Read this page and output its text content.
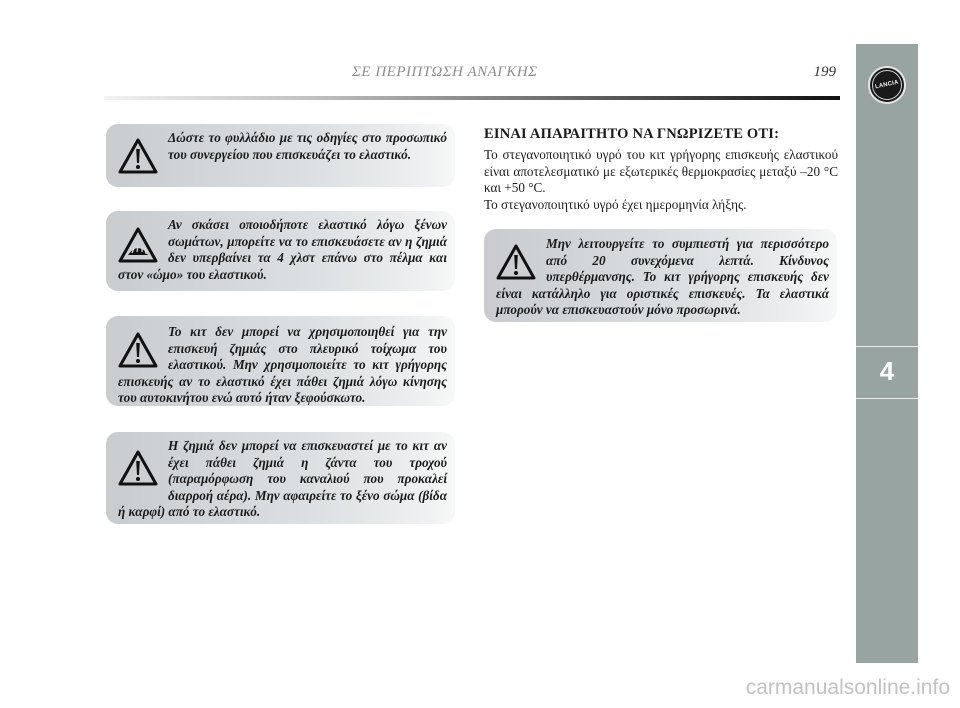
ΣΕ ΠΕΡΙΠΤΩΣΗ ΑΝΑΓΚΗΣ	199
LANCIA
4
Δώστε το φυλλάδιο με τις οδηγίες στο προσωπικό του συνεργείου που επισκευάζει το ελαστικό.
Αν σκάσει οποιοδήποτε ελαστικό λόγω ξένων σωμάτων, μπορείτε να το επισκευάσετε αν η ζημιά δεν υπερβαίνει τα 4 χλστ επάνω στο πέλμα και στον «ώμο» του ελαστικού.
Το κιτ δεν μπορεί να χρησιμοποιηθεί για την επισκευή ζημιάς στο πλευρικό τοίχωμα του ελαστικού. Μην χρησιμοποιείτε το κιτ γρήγορης επισκευής αν το ελαστικό έχει πάθει ζημιά λόγω κίνησης του αυτοκινήτου ενώ αυτό ήταν ξεφούσκωτο.
Η ζημιά δεν μπορεί να επισκευαστεί με το κιτ αν έχει πάθει ζημιά η ζάντα του τροχού (παραμόρφωση του καναλιού που προκαλεί διαρροή αέρα). Μην αφαιρείτε το ξένο σώμα (βίδα ή καρφί) από το ελαστικό.
ΕΙΝΑΙ ΑΠΑΡΑΙΤΗΤΟ ΝΑ ΓΝΩΡΙΖΕΤΕ ΟΤΙ:

Το στεγανοποιητικό υγρό του κιτ γρήγορης επισκευής ελαστικού είναι αποτελεσματικό με εξωτερικές θερμοκρασίες μεταξύ –20 °C και +50 °C.

Το στεγανοποιητικό υγρό έχει ημερομηνία λήξης.

Μην λειτουργείτε το συμπιεστή για περισσότερο από 20 συνεχόμενα λεπτά. Κίνδυνος υπερθέρμανσης. Το κιτ γρήγορης επισκευής δεν είναι κατάλληλο για οριστικές επισκευές. Τα ελαστικά μπορούν να επισκευαστούν μόνο προσωρινά.
carmanualsonline.info
